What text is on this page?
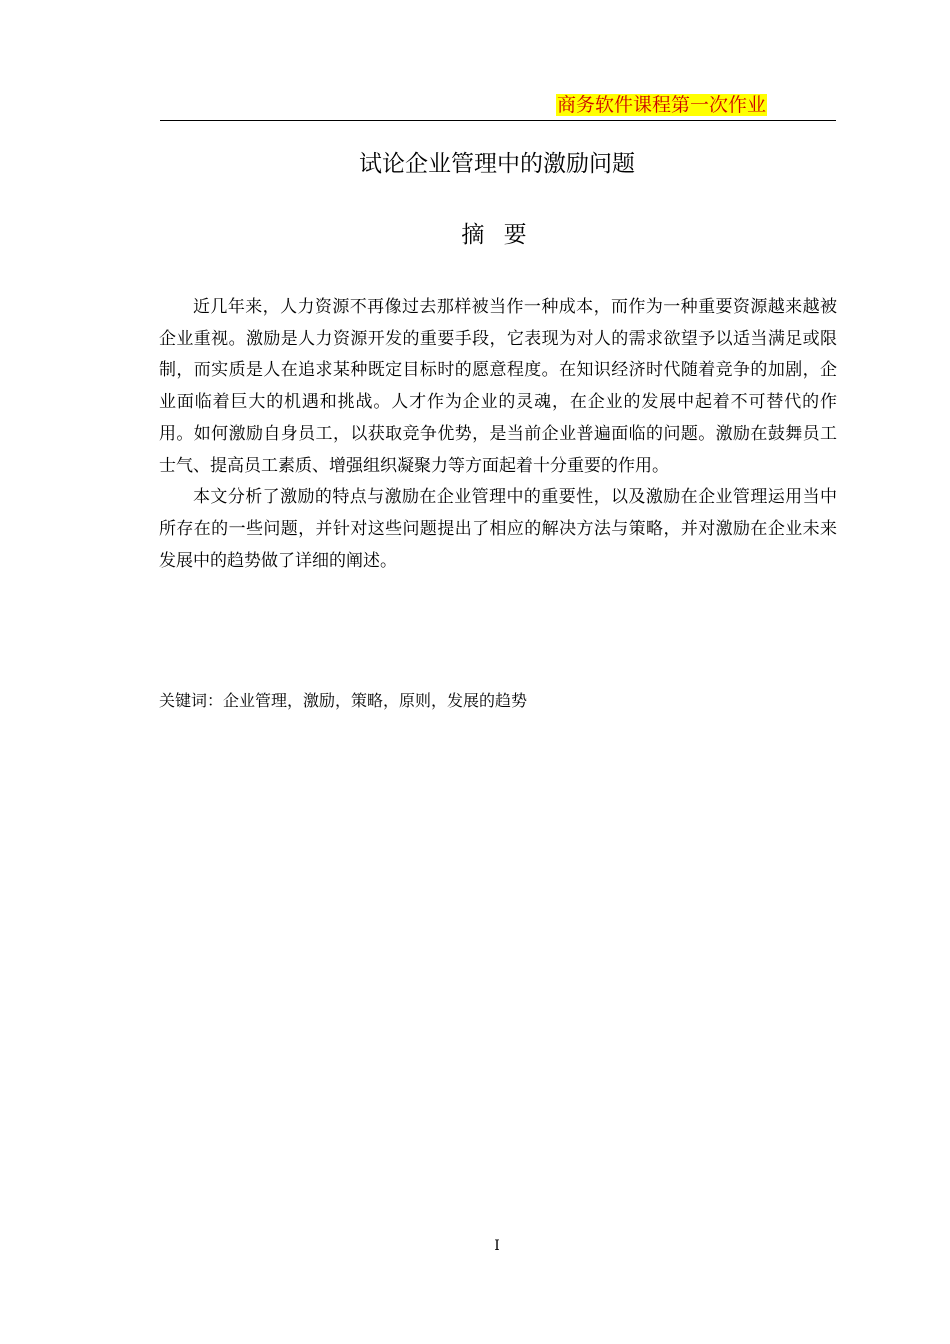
商务软件课程第一次作业
试论企业管理中的激励问题
摘 要

近几年来，人力资源不再像过去那样被当作一种成本，而作为一种重要资源越来越被企业重视。激励是人力资源开发的重要手段，它表现为对人的需求欲望予以适当满足或限制，而实质是人在追求某种既定目标时的愿意程度。在知识经济时代随着竞争的加剧，企业面临着巨大的机遇和挑战。人才作为企业的灵魂，在企业的发展中起着不可替代的作用。如何激励自身员工，以获取竞争优势，是当前企业普遍面临的问题。激励在鼓舞员工士气、提高员工素质、增强组织凝聚力等方面起着十分重要的作用。

本文分析了激励的特点与激励在企业管理中的重要性，以及激励在企业管理运用当中所存在的一些问题，并针对这些问题提出了相应的解决方法与策略，并对激励在企业未来发展中的趋势做了详细的阐述。

关键词：企业管理，激励，策略，原则，发展的趋势
I
